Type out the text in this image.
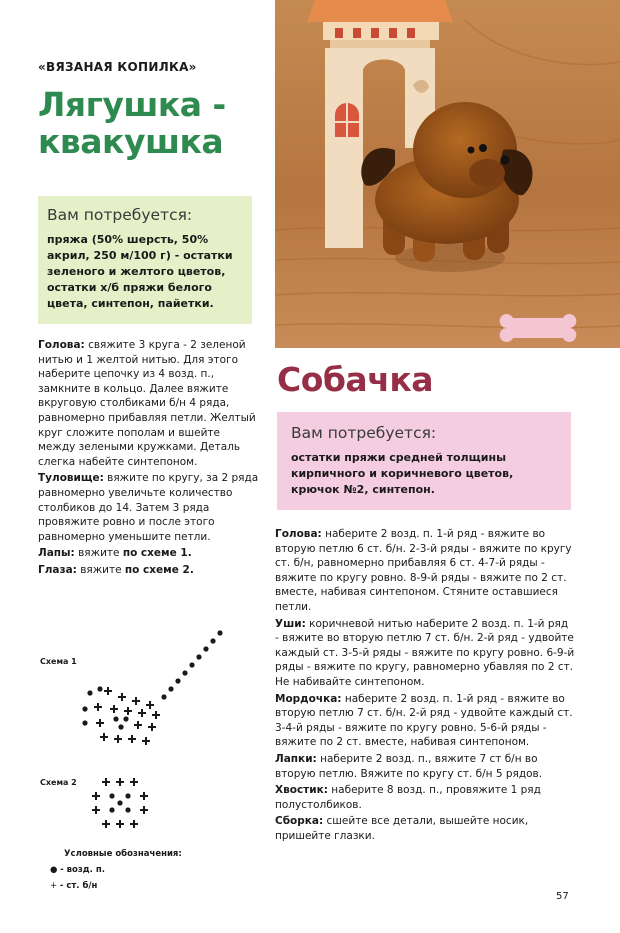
«ВЯЗАНАЯ КОПИЛКА»
Лягушка -
квакушка
Вам потребуется:
пряжа (50% шерсть, 50% акрил, 250 м/100 г) - остатки зеленого и желтого цветов, остатки х/б пряжи белого цвета, синтепон, пайетки.

Голова: свяжите 3 круга - 2 зеленой нитью и 1 желтой нитью. Для этого наберите цепочку из 4 возд. п., замкните в кольцо. Далее вяжите вкруговую столбиками б/н 4 ряда, равномерно прибавляя петли. Желтый круг сложите пополам и вшейте между зелеными кружками. Деталь слегка набейте синтепоном.

Туловище: вяжите по кругу, за 2 ряда равномерно увеличьте количество столбиков до 14. Затем 3 ряда провяжите ровно и после этого равномерно уменьшите петли.

Лапы: вяжите по схеме 1.

Глаза: вяжите по схеме 2.

Схема 1
Схема 2
Условные обозначения:
● - возд. п.
+ - ст. б/н
Собачка
Вам потребуется:
остатки пряжи средней толщины кирпичного и коричневого цветов, крючок №2, синтепон.

Голова: наберите 2 возд. п. 1-й ряд - вяжите во вторую петлю 6 ст. б/н. 2-3-й ряды - вяжите по кругу ст. б/н, равномерно прибавляя 6 ст. 4-7-й ряды - вяжите по кругу ровно. 8-9-й ряды - вяжите по 2 ст. вместе, набивая синтепоном. Стяните оставшиеся петли.

Уши: коричневой нитью наберите 2 возд. п. 1-й ряд - вяжите во вторую петлю 7 ст. б/н. 2-й ряд - удвойте каждый ст. 3-5-й ряды - вяжите по кругу ровно. 6-9-й ряды - вяжите по кругу, равномерно убавляя по 2 ст. Не набивайте синтепоном.

Мордочка: наберите 2 возд. п. 1-й ряд - вяжите во вторую петлю 7 ст. б/н. 2-й ряд - удвойте каждый ст. 3-4-й ряды - вяжите по кругу ровно. 5-6-й ряды - вяжите по 2 ст. вместе, набивая синтепоном.

Лапки: наберите 2 возд. п., вяжите 7 ст б/н во вторую петлю. Вяжите по кругу ст. б/н 5 рядов.

Хвостик: наберите 8 возд. п., провяжите 1 ряд полустолбиков.

Сборка: сшейте все детали, вышейте носик, пришейте глазки.

57
